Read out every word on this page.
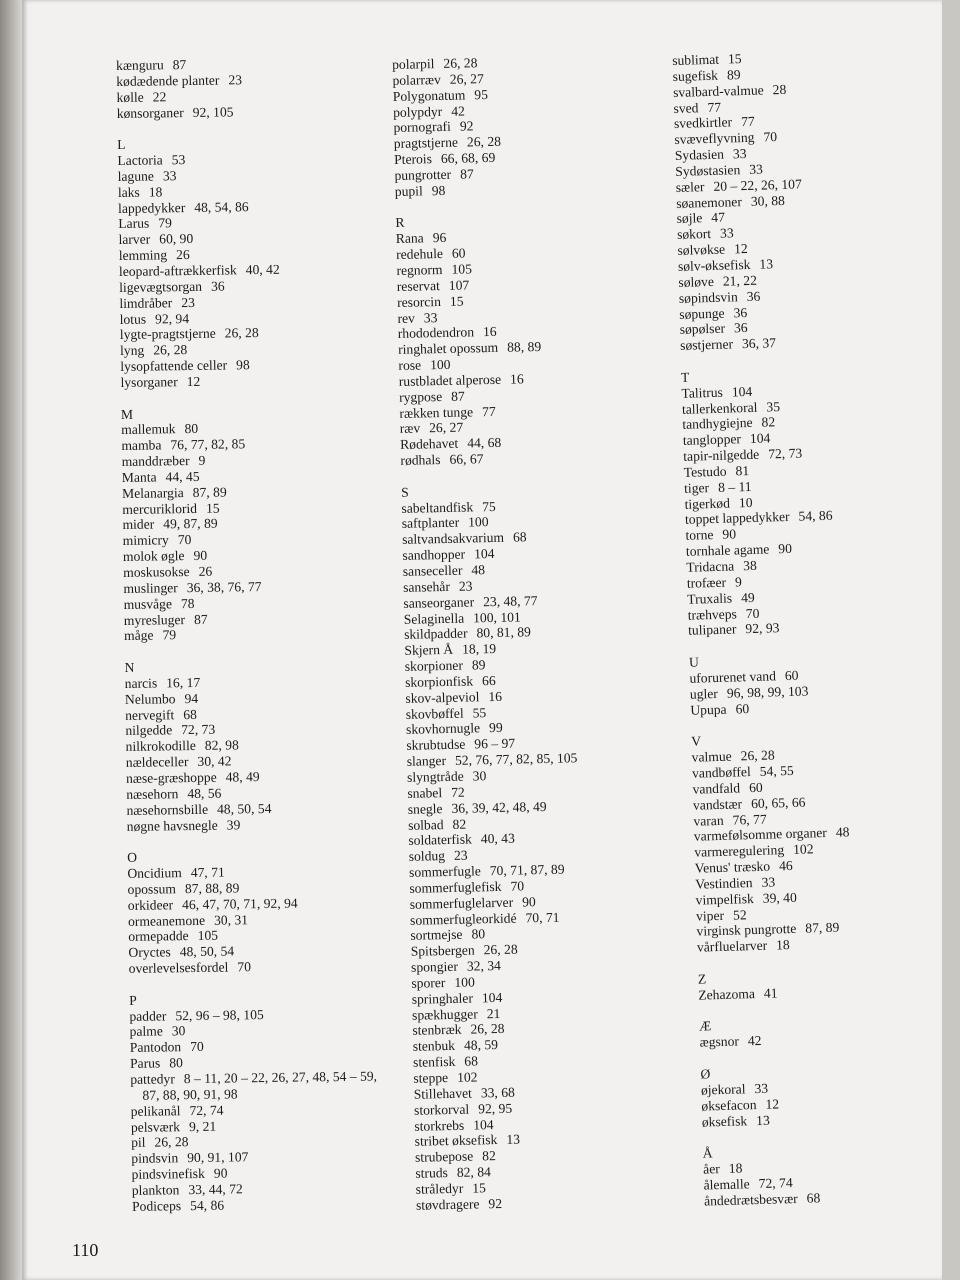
kænguru 87
kødædende planter 23
kølle 22
kønsorganer 92, 105
L
Lactoria 53
lagune 33
laks 18
lappedykker 48, 54, 86
Larus 79
larver 60, 90
lemming 26
leopard-aftrækkerfisk 40, 42
ligevægtsorgan 36
limdråber 23
lotus 92, 94
lygte-pragtstjerne 26, 28
lyng 26, 28
lysopfattende celler 98
lysorganer 12
M
mallemuk 80
mamba 76, 77, 82, 85
manddræber 9
Manta 44, 45
Melanargia 87, 89
mercuriklorid 15
mider 49, 87, 89
mimicry 70
molok øgle 90
moskusokse 26
muslinger 36, 38, 76, 77
musvåge 78
myresluger 87
måge 79
N
narcis 16, 17
Nelumbo 94
nervegift 68
nilgedde 72, 73
nilkrokodille 82, 98
nældeceller 30, 42
næse-græshoppe 48, 49
næsehorn 48, 56
næsehornsbille 48, 50, 54
nøgne havsnegle 39
O
Oncidium 47, 71
opossum 87, 88, 89
orkideer 46, 47, 70, 71, 92, 94
ormeanemone 30, 31
ormepadde 105
Oryctes 48, 50, 54
overlevelsesfordel 70
P
padder 52, 96 – 98, 105
palme 30
Pantodon 70
Parus 80
pattedyr 8 – 11, 20 – 22, 26, 27, 48, 54 – 59,
87, 88, 90, 91, 98
pelikanål 72, 74
pelsværk 9, 21
pil 26, 28
pindsvin 90, 91, 107
pindsvinefisk 90
plankton 33, 44, 72
Podiceps 54, 86
polarpil 26, 28
polarræv 26, 27
Polygonatum 95
polypdyr 42
pornografi 92
pragtstjerne 26, 28
Pterois 66, 68, 69
pungrotter 87
pupil 98
R
Rana 96
redehule 60
regnorm 105
reservat 107
resorcin 15
rev 33
rhododendron 16
ringhalet opossum 88, 89
rose 100
rustbladet alperose 16
rygpose 87
rækken tunge 77
ræv 26, 27
Rødehavet 44, 68
rødhals 66, 67
S
sabeltandfisk 75
saftplanter 100
saltvandsakvarium 68
sandhopper 104
sanseceller 48
sansehår 23
sanseorganer 23, 48, 77
Selaginella 100, 101
skildpadder 80, 81, 89
Skjern Å 18, 19
skorpioner 89
skorpionfisk 66
skov-alpeviol 16
skovbøffel 55
skovhornugle 99
skrubtudse 96 – 97
slanger 52, 76, 77, 82, 85, 105
slyngtråde 30
snabel 72
snegle 36, 39, 42, 48, 49
solbad 82
soldaterfisk 40, 43
soldug 23
sommerfugle 70, 71, 87, 89
sommerfuglefisk 70
sommerfuglelarver 90
sommerfugleorkidé 70, 71
sortmejse 80
Spitsbergen 26, 28
spongier 32, 34
sporer 100
springhaler 104
spækhugger 21
stenbræk 26, 28
stenbuk 48, 59
stenfisk 68
steppe 102
Stillehavet 33, 68
storkorval 92, 95
storkrebs 104
stribet øksefisk 13
strubepose 82
struds 82, 84
stråledyr 15
støvdragere 92
sublimat 15
sugefisk 89
svalbard-valmue 28
sved 77
svedkirtler 77
svæveflyvning 70
Sydasien 33
Sydøstasien 33
sæler 20 – 22, 26, 107
søanemoner 30, 88
søjle 47
søkort 33
sølvøkse 12
sølv-øksefisk 13
søløve 21, 22
søpindsvin 36
søpunge 36
søpølser 36
søstjerner 36, 37
T
Talitrus 104
tallerkenkoral 35
tandhygiejne 82
tanglopper 104
tapir-nilgedde 72, 73
Testudo 81
tiger 8 – 11
tigerkød 10
toppet lappedykker 54, 86
torne 90
tornhale agame 90
Tridacna 38
trofæer 9
Truxalis 49
træhveps 70
tulipaner 92, 93
U
uforurenet vand 60
ugler 96, 98, 99, 103
Upupa 60
V
valmue 26, 28
vandbøffel 54, 55
vandfald 60
vandstær 60, 65, 66
varan 76, 77
varmefølsomme organer 48
varmeregulering 102
Venus' træsko 46
Vestindien 33
vimpelfisk 39, 40
viper 52
virginsk pungrotte 87, 89
vårfluelarver 18
Z
Zehazoma 41
Æ
ægsnor 42
Ø
øjekoral 33
øksefacon 12
øksefisk 13
Å
åer 18
ålemalle 72, 74
åndedrætsbesvær 68
110
